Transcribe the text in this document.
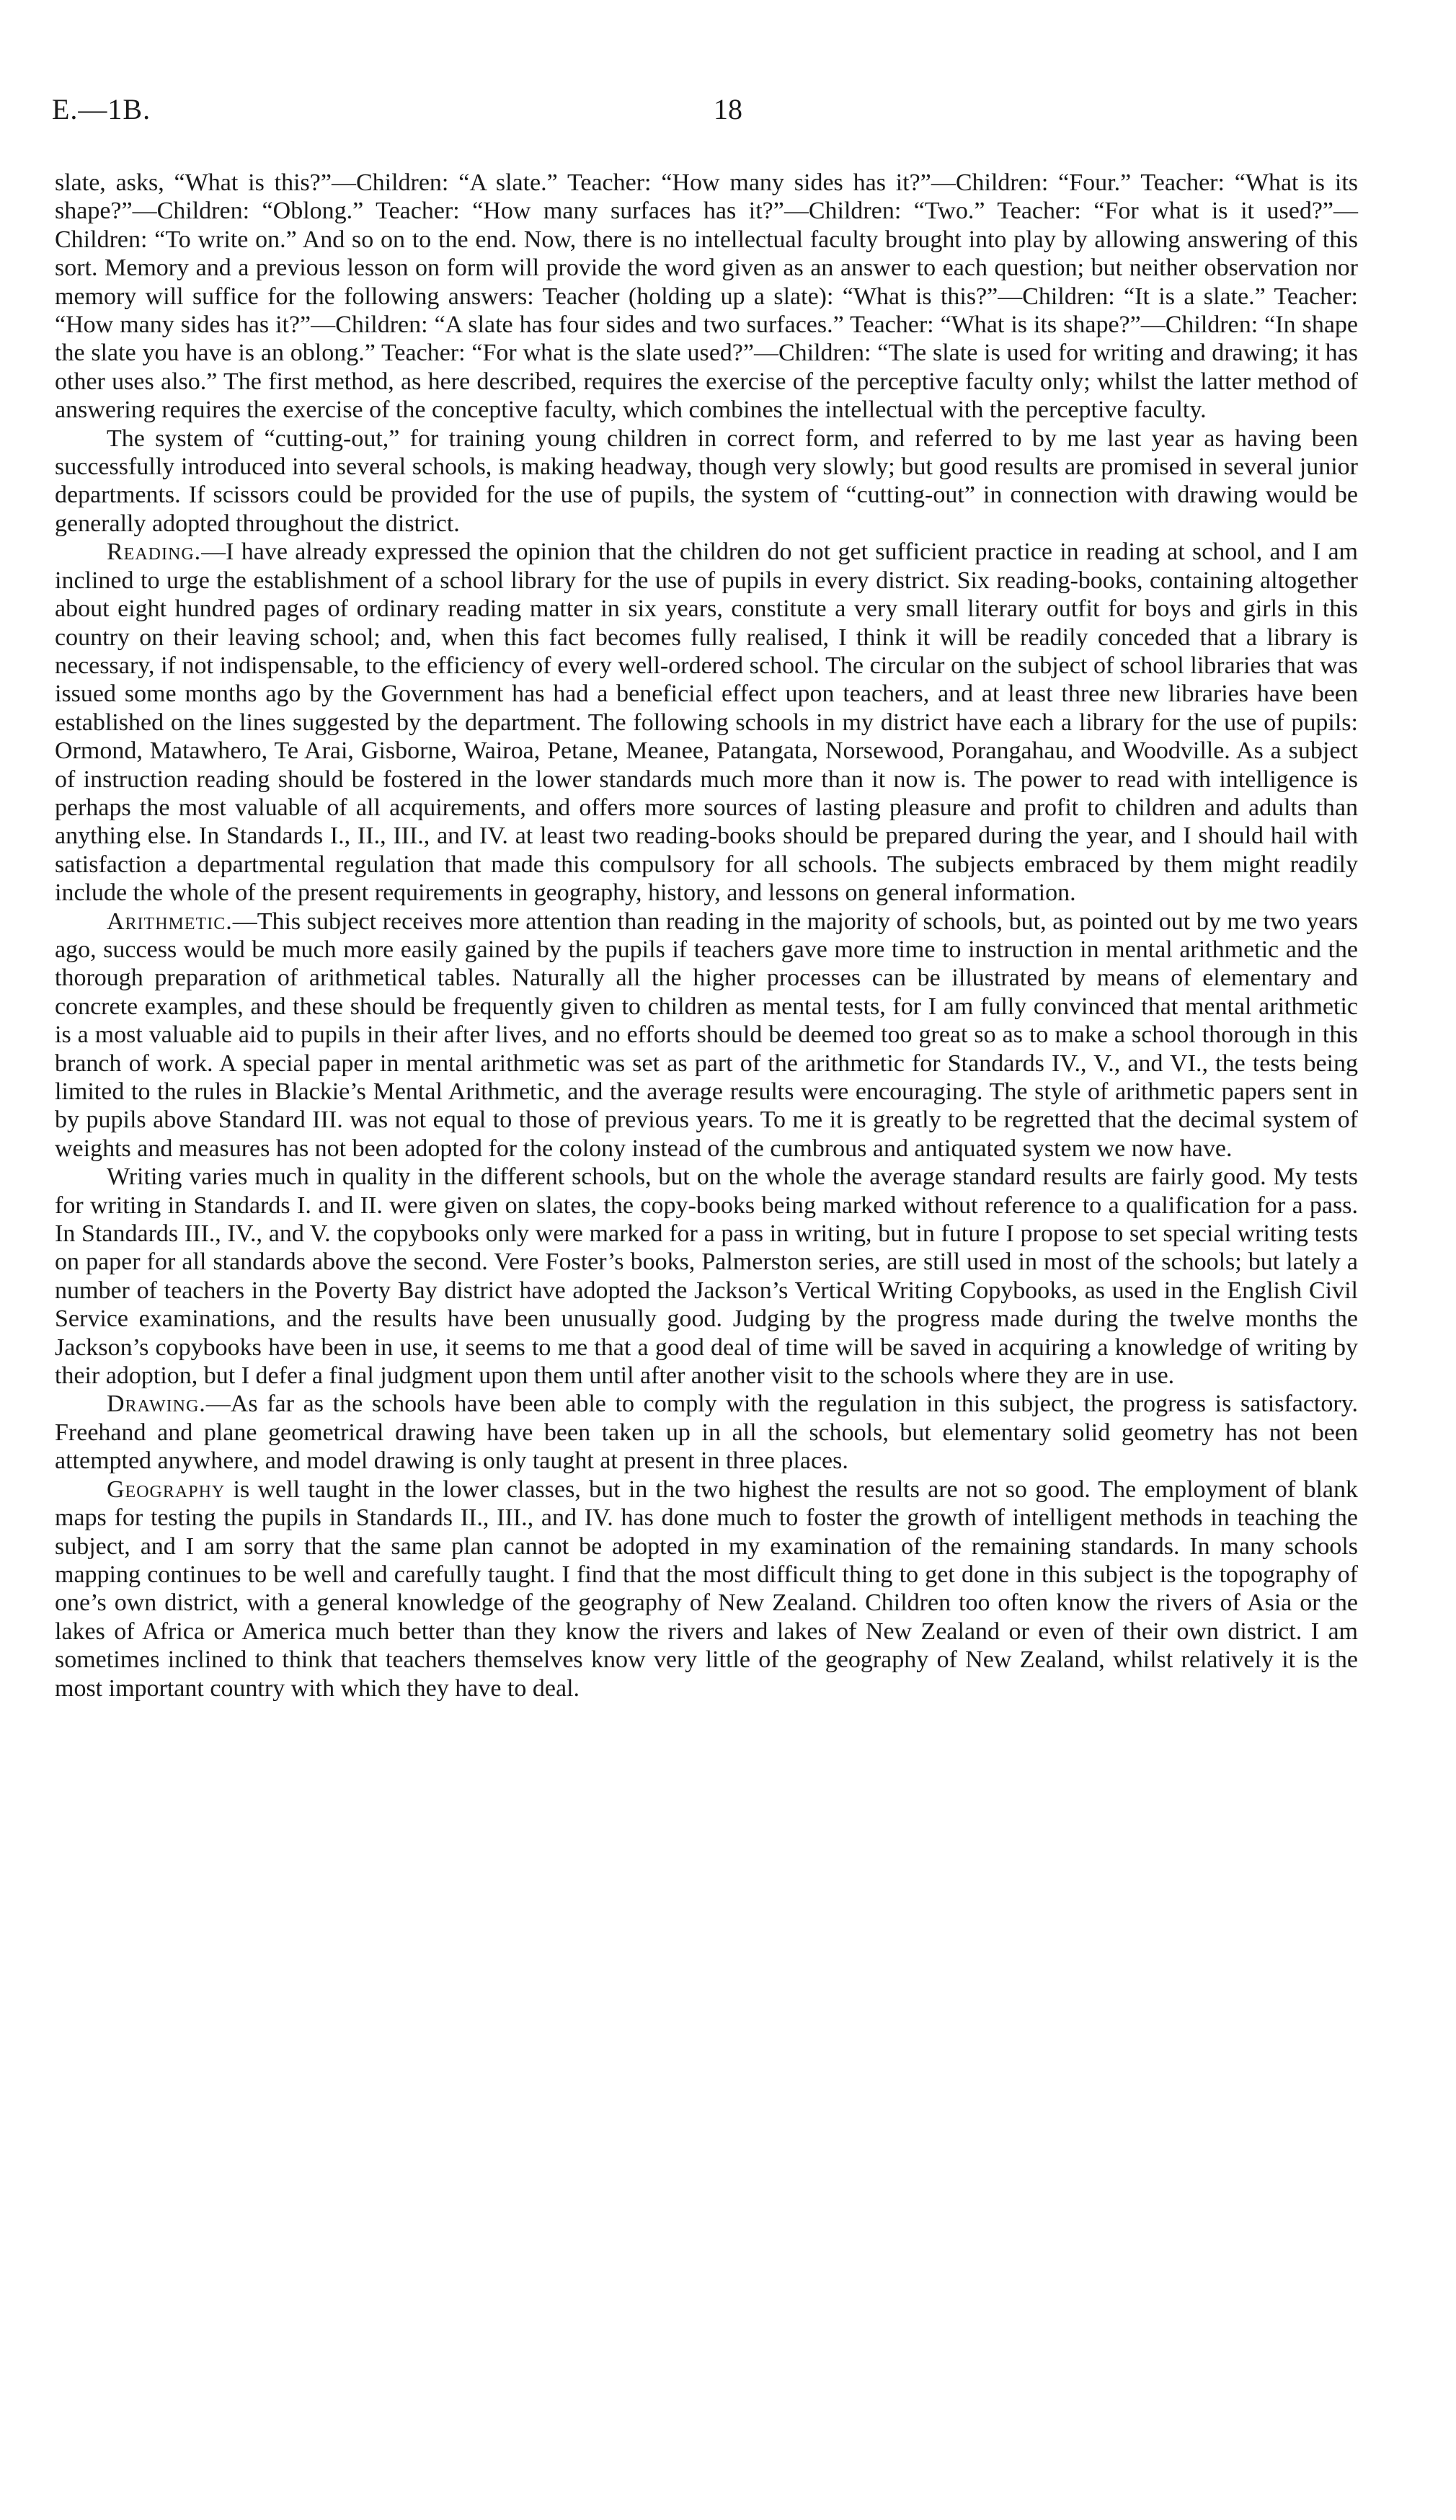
E.—1B.	18

slate, asks, “What is this?”—Children: “A slate.” Teacher: “How many sides has it?”—Children: “Four.” Teacher: “What is its shape?”—Children: “Oblong.” Teacher: “How many surfaces has it?”—Children: “Two.” Teacher: “For what is it used?”—Children: “To write on.” And so on to the end. Now, there is no intellectual faculty brought into play by allowing answering of this sort. Memory and a previous lesson on form will provide the word given as an answer to each question; but neither observation nor memory will suffice for the following answers: Teacher (holding up a slate): “What is this?”—Children: “It is a slate.” Teacher: “How many sides has it?”—Children: “A slate has four sides and two surfaces.” Teacher: “What is its shape?”—Children: “In shape the slate you have is an oblong.” Teacher: “For what is the slate used?”—Children: “The slate is used for writing and drawing; it has other uses also.” The first method, as here described, requires the exercise of the perceptive faculty only; whilst the latter method of answering requires the exercise of the conceptive faculty, which combines the intellectual with the perceptive faculty.

The system of “cutting-out,” for training young children in correct form, and referred to by me last year as having been successfully introduced into several schools, is making headway, though very slowly; but good results are promised in several junior departments. If scissors could be provided for the use of pupils, the system of “cutting-out” in connection with drawing would be generally adopted throughout the district.

Reading.—I have already expressed the opinion that the children do not get sufficient practice in reading at school, and I am inclined to urge the establishment of a school library for the use of pupils in every district. Six reading-books, containing altogether about eight hundred pages of ordinary reading matter in six years, constitute a very small literary outfit for boys and girls in this country on their leaving school; and, when this fact becomes fully realised, I think it will be readily conceded that a library is necessary, if not indispensable, to the efficiency of every well-ordered school. The circular on the subject of school libraries that was issued some months ago by the Government has had a beneficial effect upon teachers, and at least three new libraries have been established on the lines suggested by the department. The following schools in my district have each a library for the use of pupils: Ormond, Matawhero, Te Arai, Gisborne, Wairoa, Petane, Meanee, Patangata, Norsewood, Porangahau, and Woodville. As a subject of instruction reading should be fostered in the lower standards much more than it now is. The power to read with intelligence is perhaps the most valuable of all acquirements, and offers more sources of lasting pleasure and profit to children and adults than anything else. In Standards I., II., III., and IV. at least two reading-books should be prepared during the year, and I should hail with satisfaction a departmental regulation that made this compulsory for all schools. The subjects embraced by them might readily include the whole of the present requirements in geography, history, and lessons on general information.

Arithmetic.—This subject receives more attention than reading in the majority of schools, but, as pointed out by me two years ago, success would be much more easily gained by the pupils if teachers gave more time to instruction in mental arithmetic and the thorough preparation of arithmetical tables. Naturally all the higher processes can be illustrated by means of elementary and concrete examples, and these should be frequently given to children as mental tests, for I am fully convinced that mental arithmetic is a most valuable aid to pupils in their after lives, and no efforts should be deemed too great so as to make a school thorough in this branch of work. A special paper in mental arithmetic was set as part of the arithmetic for Standards IV., V., and VI., the tests being limited to the rules in Blackie’s Mental Arithmetic, and the average results were encouraging. The style of arithmetic papers sent in by pupils above Standard III. was not equal to those of previous years. To me it is greatly to be regretted that the decimal system of weights and measures has not been adopted for the colony instead of the cumbrous and antiquated system we now have.

Writing varies much in quality in the different schools, but on the whole the average standard results are fairly good. My tests for writing in Standards I. and II. were given on slates, the copy-books being marked without reference to a qualification for a pass. In Standards III., IV., and V. the copybooks only were marked for a pass in writing, but in future I propose to set special writing tests on paper for all standards above the second. Vere Foster’s books, Palmerston series, are still used in most of the schools; but lately a number of teachers in the Poverty Bay district have adopted the Jackson’s Vertical Writing Copybooks, as used in the English Civil Service examinations, and the results have been unusually good. Judging by the progress made during the twelve months the Jackson’s copybooks have been in use, it seems to me that a good deal of time will be saved in acquiring a knowledge of writing by their adoption, but I defer a final judgment upon them until after another visit to the schools where they are in use.

Drawing.—As far as the schools have been able to comply with the regulation in this subject, the progress is satisfactory. Freehand and plane geometrical drawing have been taken up in all the schools, but elementary solid geometry has not been attempted anywhere, and model drawing is only taught at present in three places.

Geography is well taught in the lower classes, but in the two highest the results are not so good. The employment of blank maps for testing the pupils in Standards II., III., and IV. has done much to foster the growth of intelligent methods in teaching the subject, and I am sorry that the same plan cannot be adopted in my examination of the remaining standards. In many schools mapping continues to be well and carefully taught. I find that the most difficult thing to get done in this subject is the topography of one’s own district, with a general knowledge of the geography of New Zealand. Children too often know the rivers of Asia or the lakes of Africa or America much better than they know the rivers and lakes of New Zealand or even of their own district. I am sometimes inclined to think that teachers themselves know very little of the geography of New Zealand, whilst relatively it is the most important country with which they have to deal.
